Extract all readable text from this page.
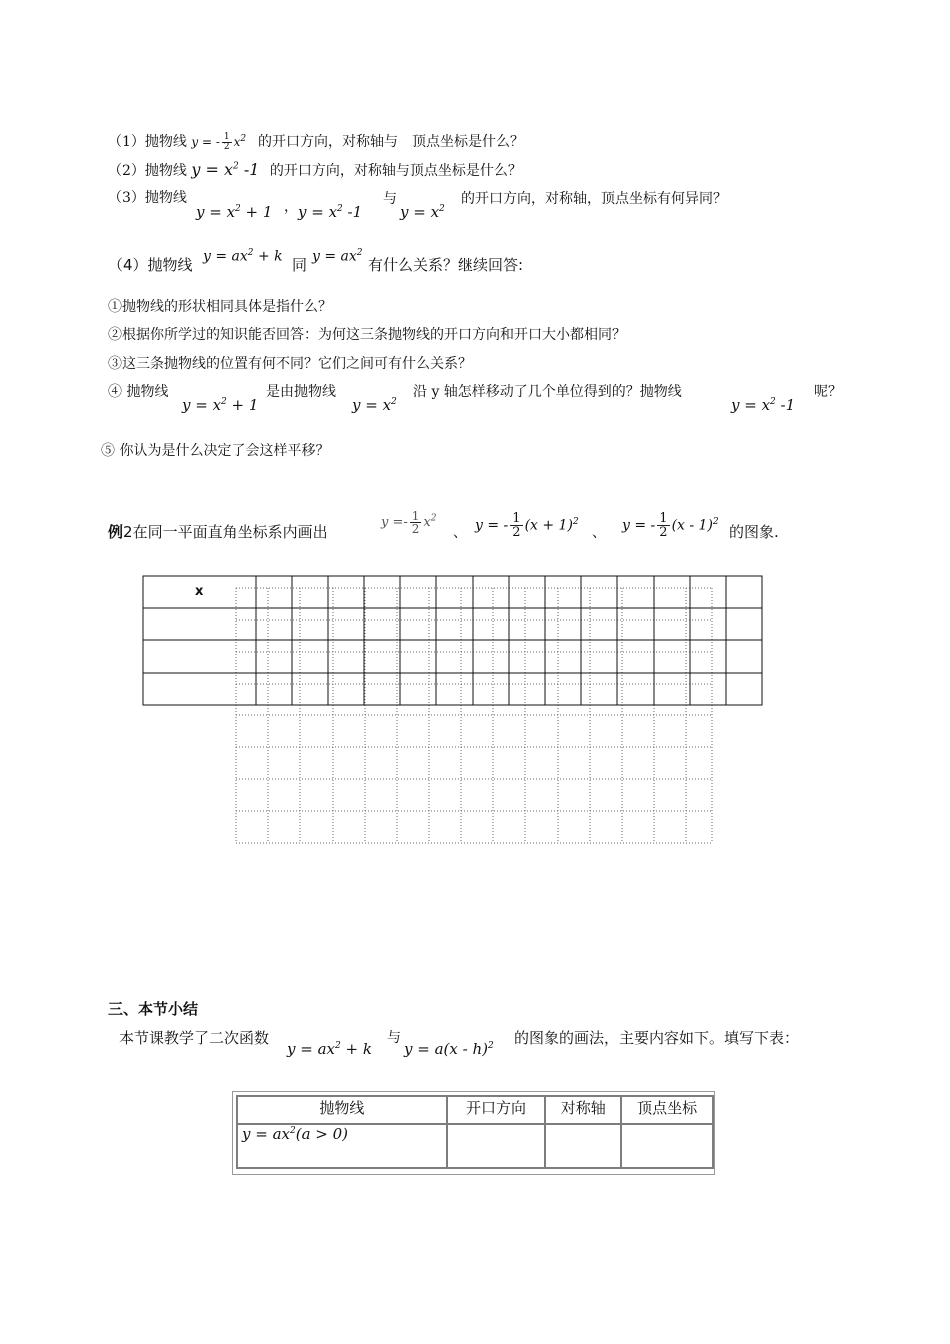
（1）抛物线 y = - $\frac{1}{2} x^2$ 的开口方向，对称轴与　顶点坐标是什么？
（2）抛物线 $y = x^2$ -1 的开口方向，对称轴与顶点坐标是什么？
（3）抛物线
$y = x^2 + 1$ ， $y = x^2$ -1
与
$y = x^2$
的开口方向，对称轴，顶点坐标有何异同？
（4）抛物线 $y = ax^2 + k$ 同 $y = ax^2$
有什么关系？继续回答:
①抛物线的形状相同具体是指什么？
②根据你所学过的知识能否回答：为何这三条抛物线的开口方向和开口大小都相同？
③这三条抛物线的位置有何不同？它们之间可有什么关系？
④ 抛物线
$y = x^2 + 1$
是由抛物线
$y = x^2$
沿 y 轴怎样移动了几个单位得到的？抛物线
$y = x^2$ -1
呢？
⑤ 你认为是什么决定了会这样平移？
例2在同一平面直角坐标系内画出
$y =- \frac{1}{2} x^2$
、 y = - $\frac{1}{2} (x + 1)^2$
、 y = - $\frac{1}{2} (x - 1)^2$
的图象.
x
三、本节小结
本节课教学了二次函数
$y = ax^2 + k$
与
y = a(x - h)$^2$ 的图象的画法，主要内容如下。填写下表：
抛物线	开口方向	对称轴	顶点坐标
$y = ax^2(a > 0)$			
